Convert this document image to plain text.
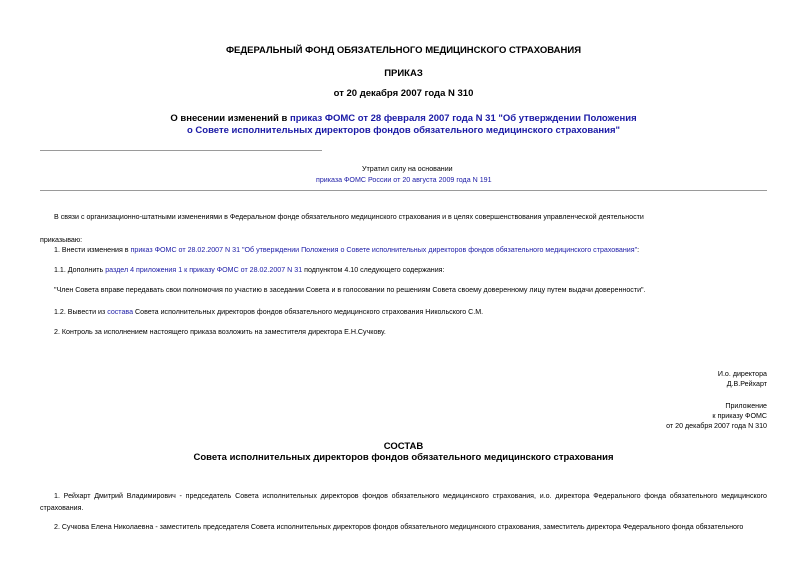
ФЕДЕРАЛЬНЫЙ ФОНД ОБЯЗАТЕЛЬНОГО МЕДИЦИНСКОГО СТРАХОВАНИЯ
ПРИКАЗ
от 20 декабря 2007 года N 310
О внесении изменений в приказ ФОМС от 28 февраля 2007 года N 31 "Об утверждении Положения
о Совете исполнительных директоров фондов обязательного медицинского страхования"
Утратил силу на основании
приказа ФОМС России от 20 августа 2009 года N 191
В связи с организационно-штатными изменениями в Федеральном фонде обязательного медицинского страхования и в целях совершенствования управленческой деятельности
приказываю:
1. Внести изменения в приказ ФОМС от 28.02.2007 N 31 "Об утверждении Положения о Совете исполнительных директоров фондов обязательного медицинского страхования":
1.1. Дополнить раздел 4 приложения 1 к приказу ФОМС от 28.02.2007 N 31 подпунктом 4.10 следующего содержания:
"Член Совета вправе передавать свои полномочия по участию в заседании Совета и в голосовании по решениям Совета своему доверенному лицу путем выдачи доверенности".
1.2. Вывести из состава Совета исполнительных директоров фондов обязательного медицинского страхования Никольского С.М.
2. Контроль за исполнением настоящего приказа возложить на заместителя директора Е.Н.Сучкову.
И.о. директора
Д.В.Рейхарт
Приложение
к приказу ФОМС
от 20 декабря 2007 года N 310
СОСТАВ
Совета исполнительных директоров фондов обязательного медицинского страхования
1. Рейхарт Дмитрий Владимирович - председатель Совета исполнительных директоров фондов обязательного медицинского страхования, и.о. директора Федерального фонда обязательного медицинского страхования.
2. Сучкова Елена Николаевна - заместитель председателя Совета исполнительных директоров фондов обязательного медицинского страхования, заместитель директора Федерального фонда обязательного
